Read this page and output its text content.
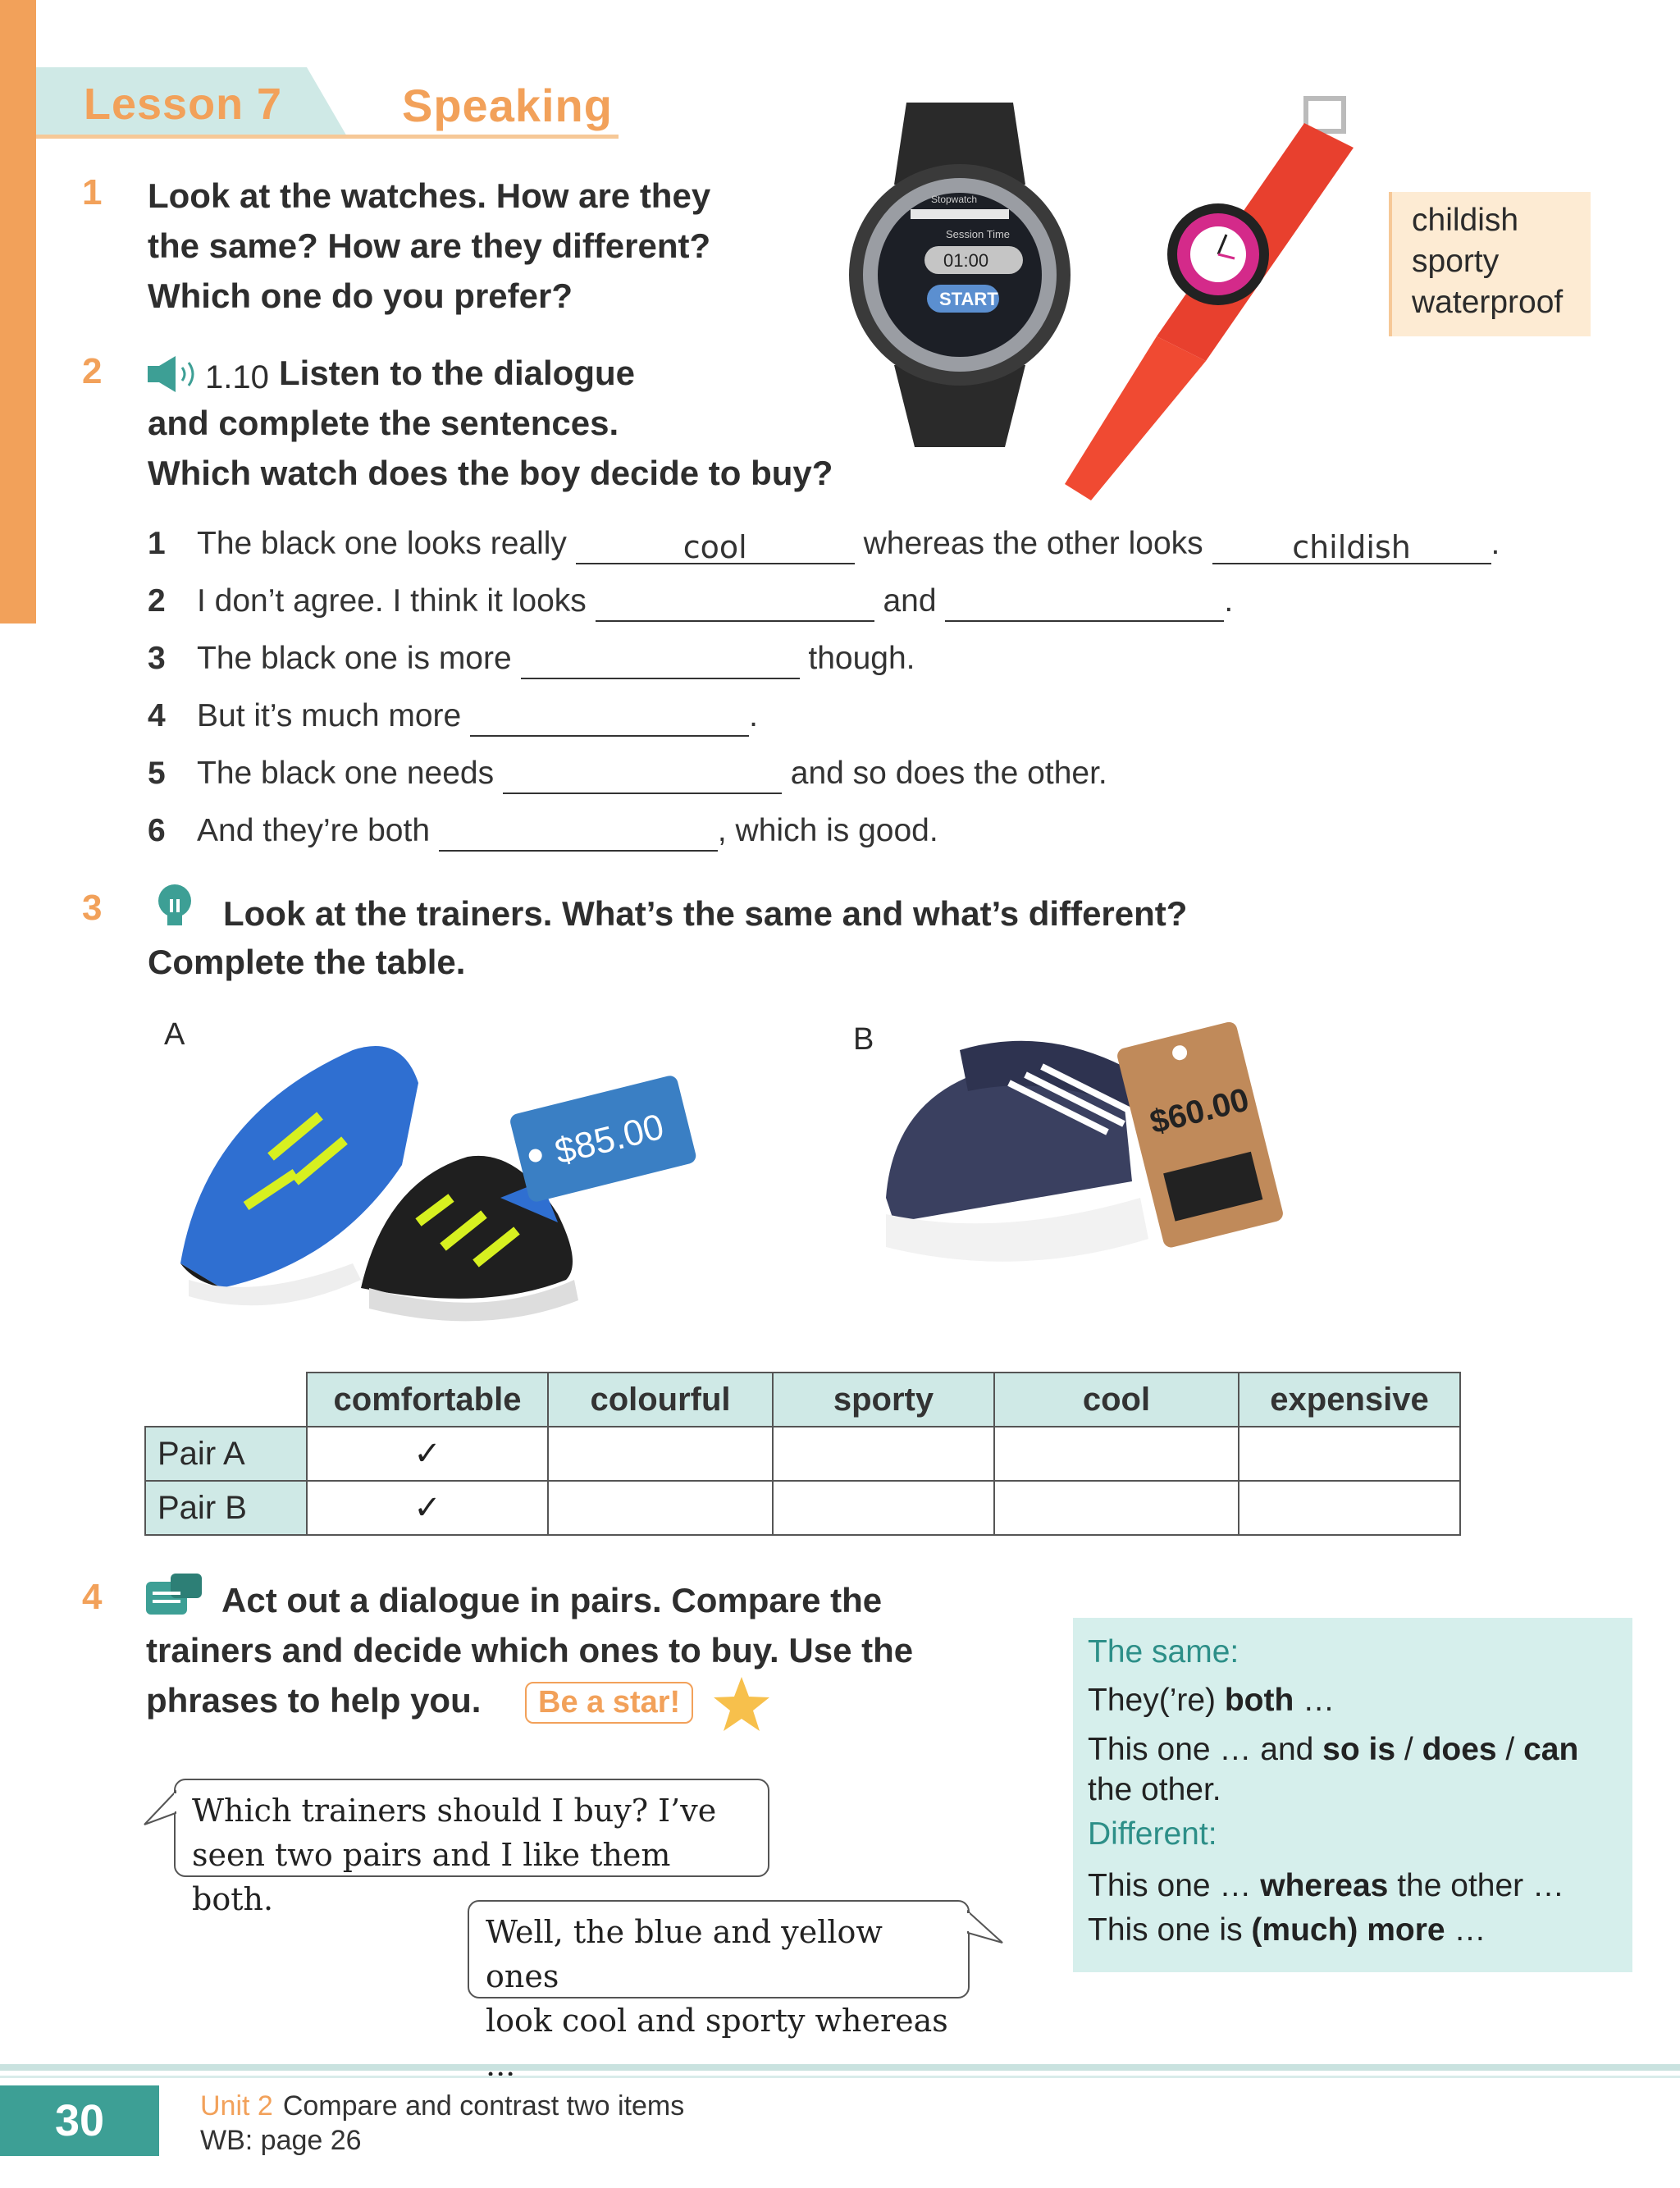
Lesson 7	Speaking
1 Look at the watches. How are they
the same? How are they different?
Which one do you prefer?
Stopwatch
Session Time
01:00
START
childish
sporty
waterproof
2	1.10 Listen to the dialogue
and complete the sentences.
Which watch does the boy decide to buy?
1 The black one looks really	cool	whereas the other looks	childish	.
2 I don’t agree. I think it looks	and	.
3 The black one is more	though.
4 But it’s much more	.
5 The black one needs	and so does the other.
6 And they’re both	, which is good.
3	Look at the trainers. What’s the same and what’s different?
Complete the table.
A	B
$85.00	$60.00
	comfortable	colourful	sporty	cool	expensive
Pair A	✓				
Pair B	✓				
4	Act out a dialogue in pairs. Compare the
trainers and decide which ones to buy. Use the
phrases to help you.	Be a star!
Which trainers should I buy? I’ve
seen two pairs and I like them both.
Well, the blue and yellow ones
look cool and sporty whereas
The same:
They(’re) both …
This one … and so is / does / can
the other.
Different:
This one … whereas the other …
This one is (much) more …
30	Unit 2 Compare and contrast two items
WB: page 26
